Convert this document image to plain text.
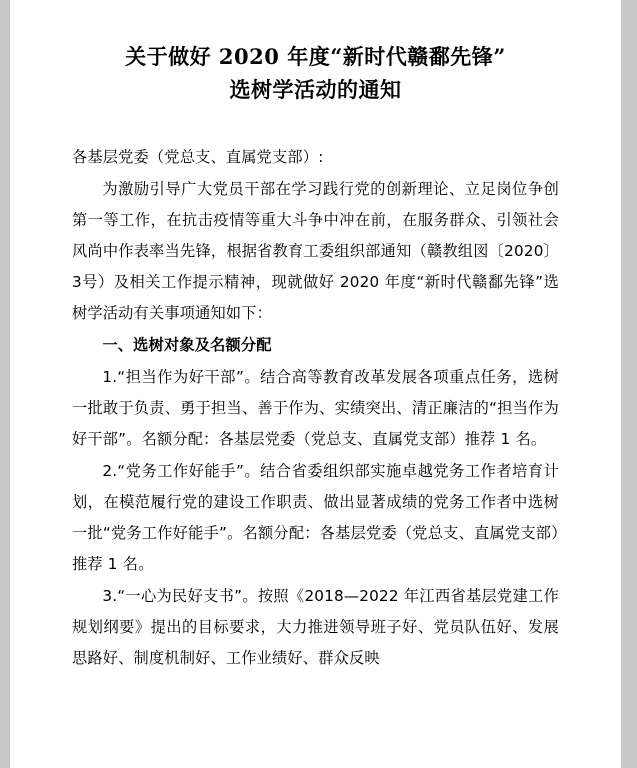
关于做好 2020 年度“新时代赣鄱先锋”
选树学活动的通知

各基层党委（党总支、直属党支部）:

为激励引导广大党员干部在学习践行党的创新理论、立足岗位争创第一等工作，在抗击疫情等重大斗争中冲在前，在服务群众、引领社会风尚中作表率当先锋，根据省教育工委组织部通知（赣教组図〔2020〕3号）及相关工作提示精神，现就做好 2020 年度“新时代赣鄱先锋”选树学活动有关事项通知如下：

一、选树对象及名额分配

1.“担当作为好干部”。结合高等教育改革发展各项重点任务，选树一批敢于负责、勇于担当、善于作为、实绩突出、清正廉洁的“担当作为好干部”。名额分配：各基层党委（党总支、直属党支部）推荐 1 名。

2.“党务工作好能手”。结合省委组织部实施卓越党务工作者培育计划，在模范履行党的建设工作职责、做出显著成绩的党务工作者中选树一批“党务工作好能手”。名额分配：各基层党委（党总支、直属党支部）推荐 1 名。

3.“一心为民好支书”。按照《2018—2022 年江西省基层党建工作规划纲要》提出的目标要求，大力推进领导班子好、党员队伍好、发展思路好、制度机制好、工作业绩好、群众反映
